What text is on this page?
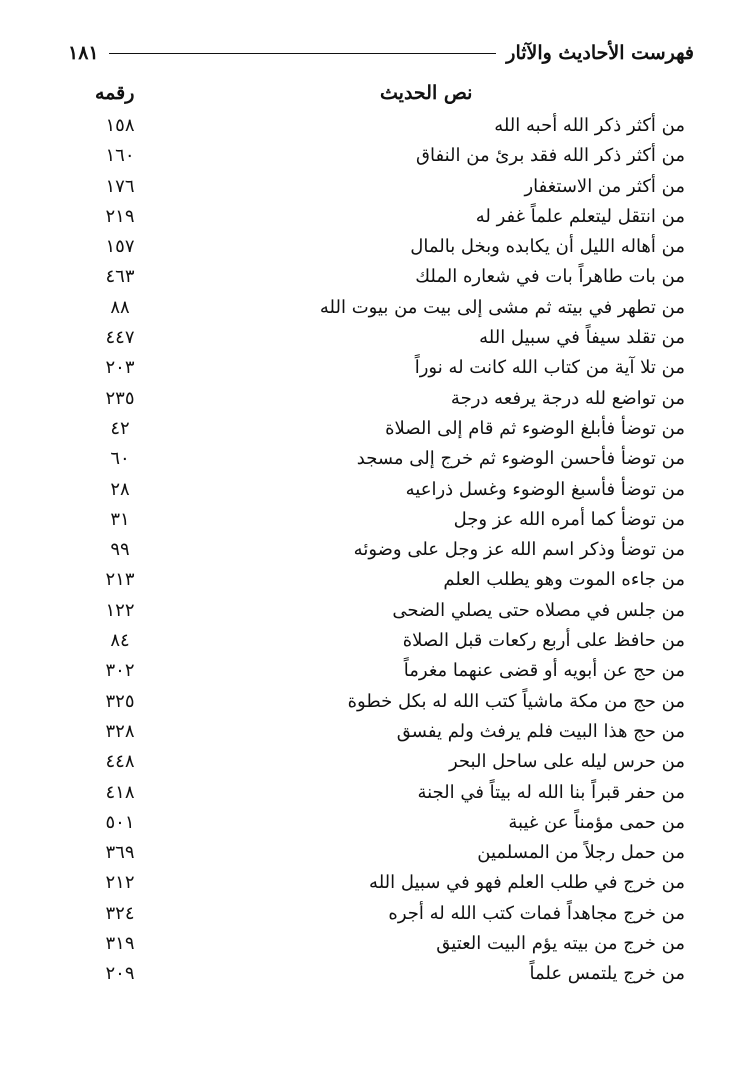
فهرست الأحاديث والآثار
١٨١
نص الحديث
رقمه
من أكثر ذكر الله أحبه الله
١٥٨
من أكثر ذكر الله فقد برئ من النفاق
١٦٠
من أكثر من الاستغفار
١٧٦
من انتقل ليتعلم علماً غفر له
٢١٩
من أهاله الليل أن يكابده وبخل بالمال
١٥٧
من بات طاهراً بات في شعاره الملك
٤٦٣
من تطهر في بيته ثم مشى إلى بيت من بيوت الله
٨٨
من تقلد سيفاً في سبيل الله
٤٤٧
من تلا آية من كتاب الله كانت له نوراً
٢٠٣
من تواضع لله درجة يرفعه درجة
٢٣٥
من توضأ فأبلغ الوضوء ثم قام إلى الصلاة
٤٢
من توضأ فأحسن الوضوء ثم خرج إلى مسجد
٦٠
من توضأ فأسبغ الوضوء وغسل ذراعيه
٢٨
من توضأ كما أمره الله عز وجل
٣١
من توضأ وذكر اسم الله عز وجل على وضوئه
٩٩
من جاءه الموت وهو يطلب العلم
٢١٣
من جلس في مصلاه حتى يصلي الضحى
١٢٢
من حافظ على أربع ركعات قبل الصلاة
٨٤
من حج عن أبويه أو قضى عنهما مغرماً
٣٠٢
من حج من مكة ماشياً كتب الله له بكل خطوة
٣٢٥
من حج هذا البيت فلم يرفث ولم يفسق
٣٢٨
من حرس ليله على ساحل البحر
٤٤٨
من حفر قبراً بنا الله له بيتاً في الجنة
٤١٨
من حمى مؤمناً عن غيبة
٥٠١
من حمل رجلاً من المسلمين
٣٦٩
من خرج في طلب العلم فهو في سبيل الله
٢١٢
من خرج مجاهداً فمات كتب الله له أجره
٣٢٤
من خرج من بيته يؤم البيت العتيق
٣١٩
من خرج يلتمس علماً
٢٠٩
